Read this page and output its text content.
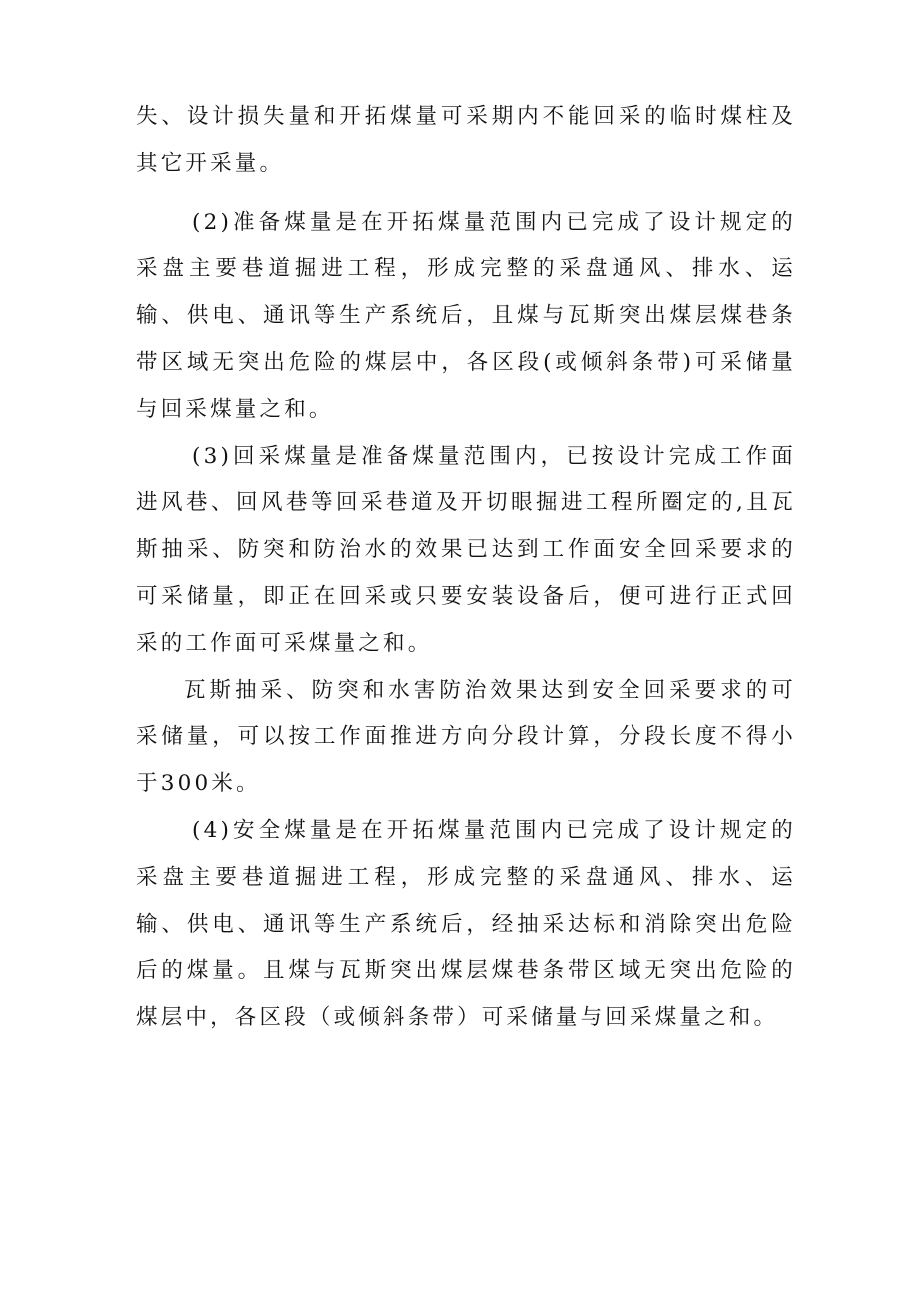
失、设计损失量和开拓煤量可采期内不能回采的临时煤柱及其它开采量。

(2)准备煤量是在开拓煤量范围内已完成了设计规定的采盘主要巷道掘进工程，形成完整的采盘通风、排水、运输、供电、通讯等生产系统后，且煤与瓦斯突出煤层煤巷条带区域无突出危险的煤层中，各区段(或倾斜条带)可采储量与回采煤量之和。

(3)回采煤量是准备煤量范围内，已按设计完成工作面进风巷、回风巷等回采巷道及开切眼掘进工程所圈定的,且瓦斯抽采、防突和防治水的效果已达到工作面安全回采要求的可采储量，即正在回采或只要安装设备后，便可进行正式回采的工作面可采煤量之和。

瓦斯抽采、防突和水害防治效果达到安全回采要求的可采储量，可以按工作面推进方向分段计算，分段长度不得小于300米。

(4)安全煤量是在开拓煤量范围内已完成了设计规定的采盘主要巷道掘进工程，形成完整的采盘通风、排水、运输、供电、通讯等生产系统后，经抽采达标和消除突出危险后的煤量。且煤与瓦斯突出煤层煤巷条带区域无突出危险的煤层中，各区段（或倾斜条带）可采储量与回采煤量之和。
